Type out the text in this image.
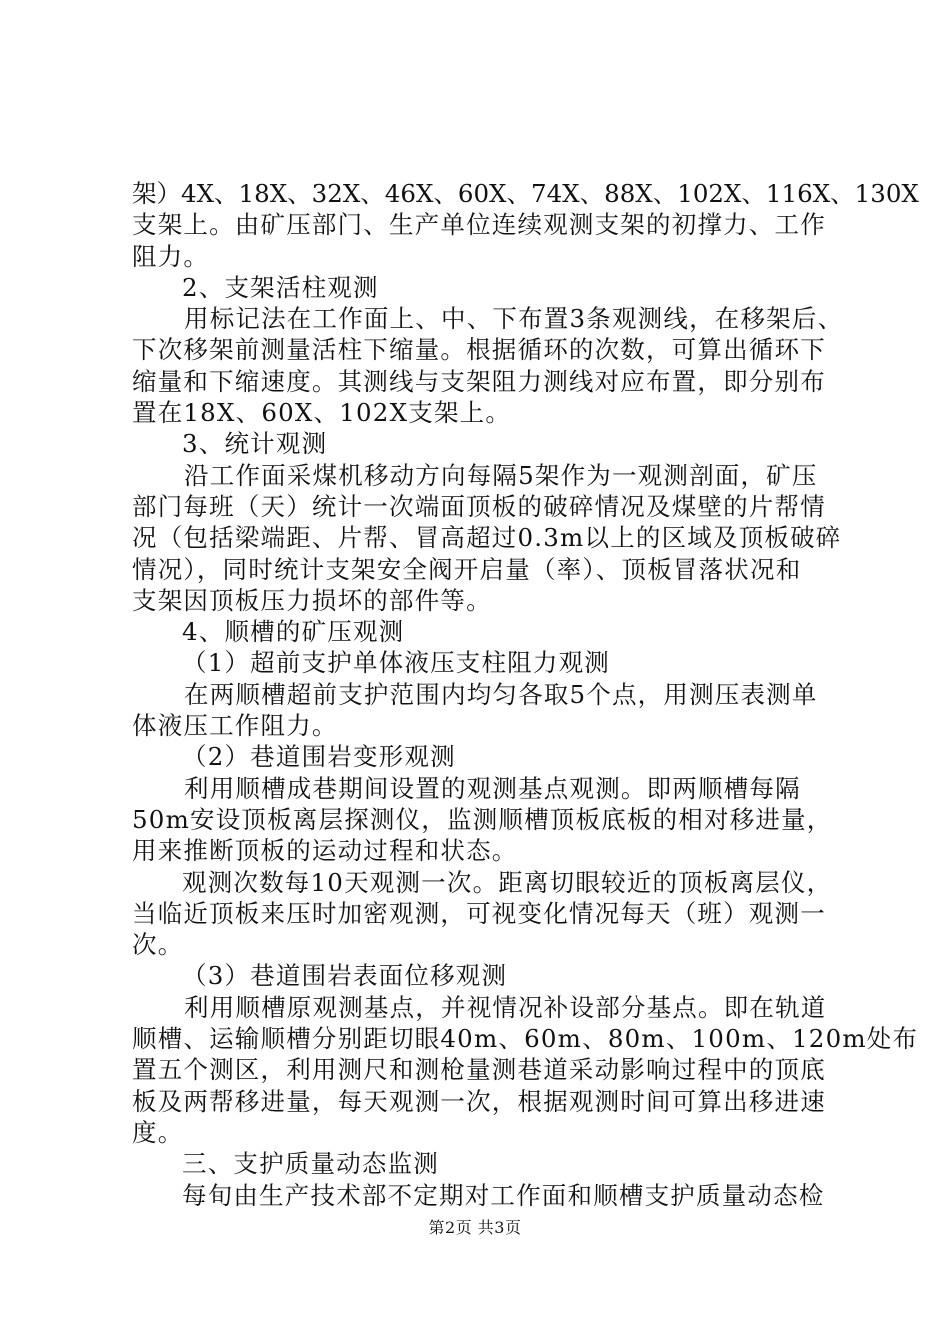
架）4X、18X、32X、46X、60X、74X、88X、102X、116X、130X
支架上。由矿压部门、生产单位连续观测支架的初撑力、工作
阻力。
2、支架活柱观测
用标记法在工作面上、中、下布置3条观测线，在移架后、
下次移架前测量活柱下缩量。根据循环的次数，可算出循环下
缩量和下缩速度。其测线与支架阻力测线对应布置，即分别布
置在18X、60X、102X支架上。
3、统计观测
沿工作面采煤机移动方向每隔5架作为一观测剖面，矿压
部门每班（天）统计一次端面顶板的破碎情况及煤壁的片帮情
况（包括梁端距、片帮、冒高超过0.3m以上的区域及顶板破碎
情况），同时统计支架安全阀开启量（率）、顶板冒落状况和
支架因顶板压力损坏的部件等。
4、顺槽的矿压观测
（1）超前支护单体液压支柱阻力观测
在两顺槽超前支护范围内均匀各取5个点，用测压表测单
体液压工作阻力。
（2）巷道围岩变形观测
利用顺槽成巷期间设置的观测基点观测。即两顺槽每隔
50m安设顶板离层探测仪，监测顺槽顶板底板的相对移进量，
用来推断顶板的运动过程和状态。
观测次数每10天观测一次。距离切眼较近的顶板离层仪，
当临近顶板来压时加密观测，可视变化情况每天（班）观测一
次。
（3）巷道围岩表面位移观测
利用顺槽原观测基点，并视情况补设部分基点。即在轨道
顺槽、运输顺槽分别距切眼40m、60m、80m、100m、120m处布
置五个测区，利用测尺和测枪量测巷道采动影响过程中的顶底
板及两帮移进量，每天观测一次，根据观测时间可算出移进速
度。
三、支护质量动态监测
每旬由生产技术部不定期对工作面和顺槽支护质量动态检
第2页 共3页
